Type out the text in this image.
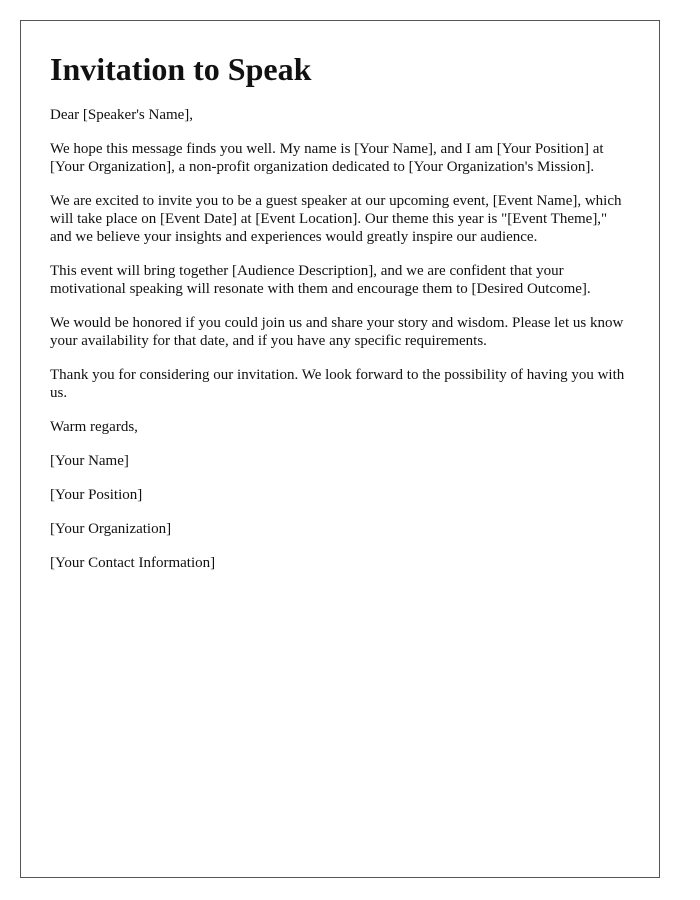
Invitation to Speak

Dear [Speaker's Name],

We hope this message finds you well. My name is [Your Name], and I am [Your Position] at [Your Organization], a non-profit organization dedicated to [Your Organization's Mission].

We are excited to invite you to be a guest speaker at our upcoming event, [Event Name], which will take place on [Event Date] at [Event Location]. Our theme this year is "[Event Theme]," and we believe your insights and experiences would greatly inspire our audience.

This event will bring together [Audience Description], and we are confident that your motivational speaking will resonate with them and encourage them to [Desired Outcome].

We would be honored if you could join us and share your story and wisdom. Please let us know your availability for that date, and if you have any specific requirements.

Thank you for considering our invitation. We look forward to the possibility of having you with us.

Warm regards,

[Your Name]

[Your Position]

[Your Organization]

[Your Contact Information]
